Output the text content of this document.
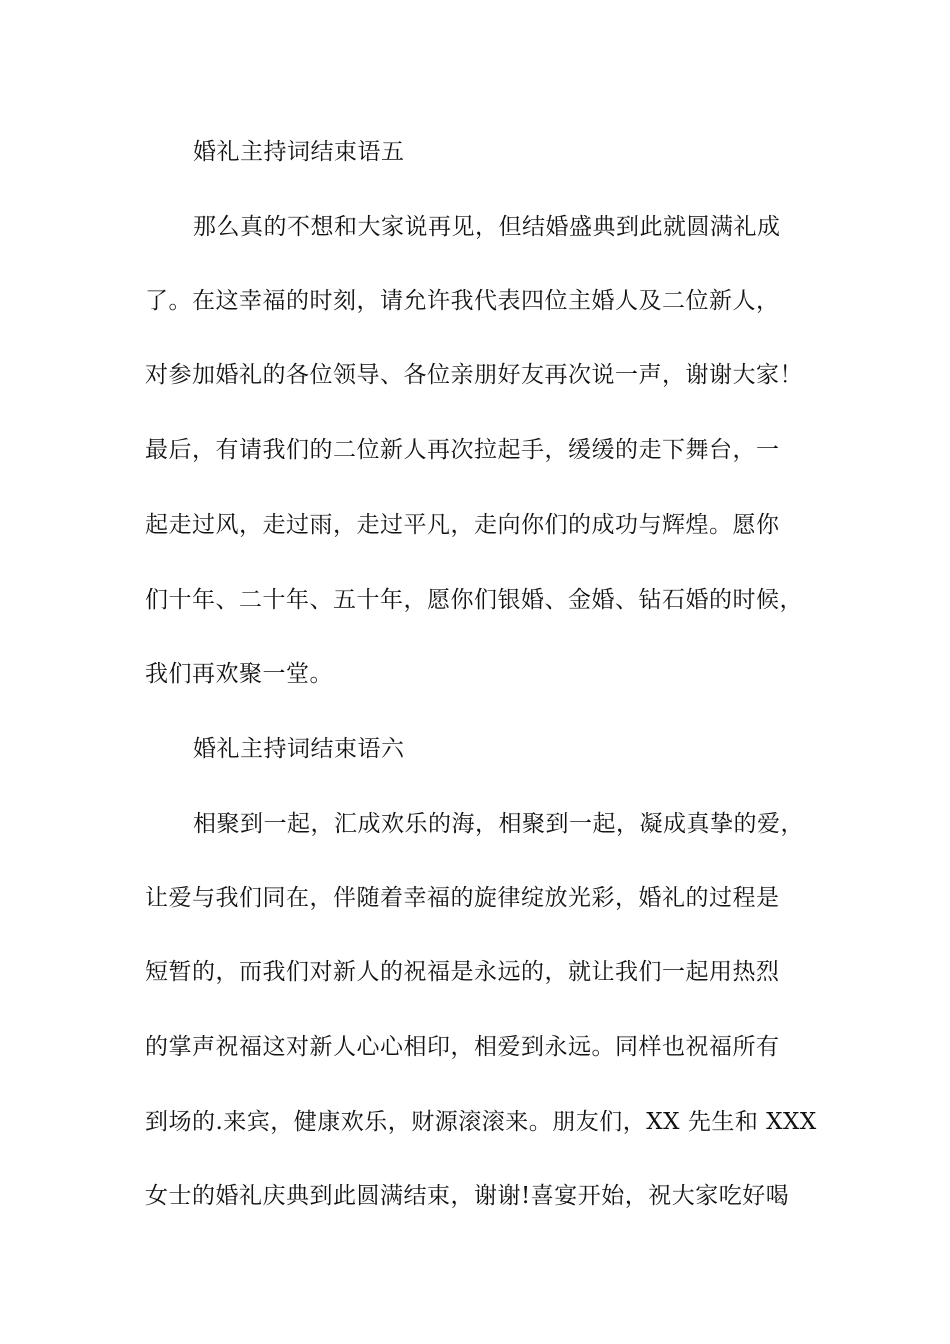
婚礼主持词结束语五
那么真的不想和大家说再见，但结婚盛典到此就圆满礼成
了。在这幸福的时刻，请允许我代表四位主婚人及二位新人，
对参加婚礼的各位领导、各位亲朋好友再次说一声，谢谢大家！
最后，有请我们的二位新人再次拉起手，缓缓的走下舞台，一
起走过风，走过雨，走过平凡，走向你们的成功与辉煌。愿你
们十年、二十年、五十年，愿你们银婚、金婚、钻石婚的时候，
我们再欢聚一堂。
婚礼主持词结束语六
相聚到一起，汇成欢乐的海，相聚到一起，凝成真挚的爱，
让爱与我们同在，伴随着幸福的旋律绽放光彩，婚礼的过程是
短暂的，而我们对新人的祝福是永远的，就让我们一起用热烈
的掌声祝福这对新人心心相印，相爱到永远。同样也祝福所有
到场的.来宾，健康欢乐，财源滚滚来。朋友们，XX 先生和 XXX
女士的婚礼庆典到此圆满结束，谢谢!喜宴开始，祝大家吃好喝
